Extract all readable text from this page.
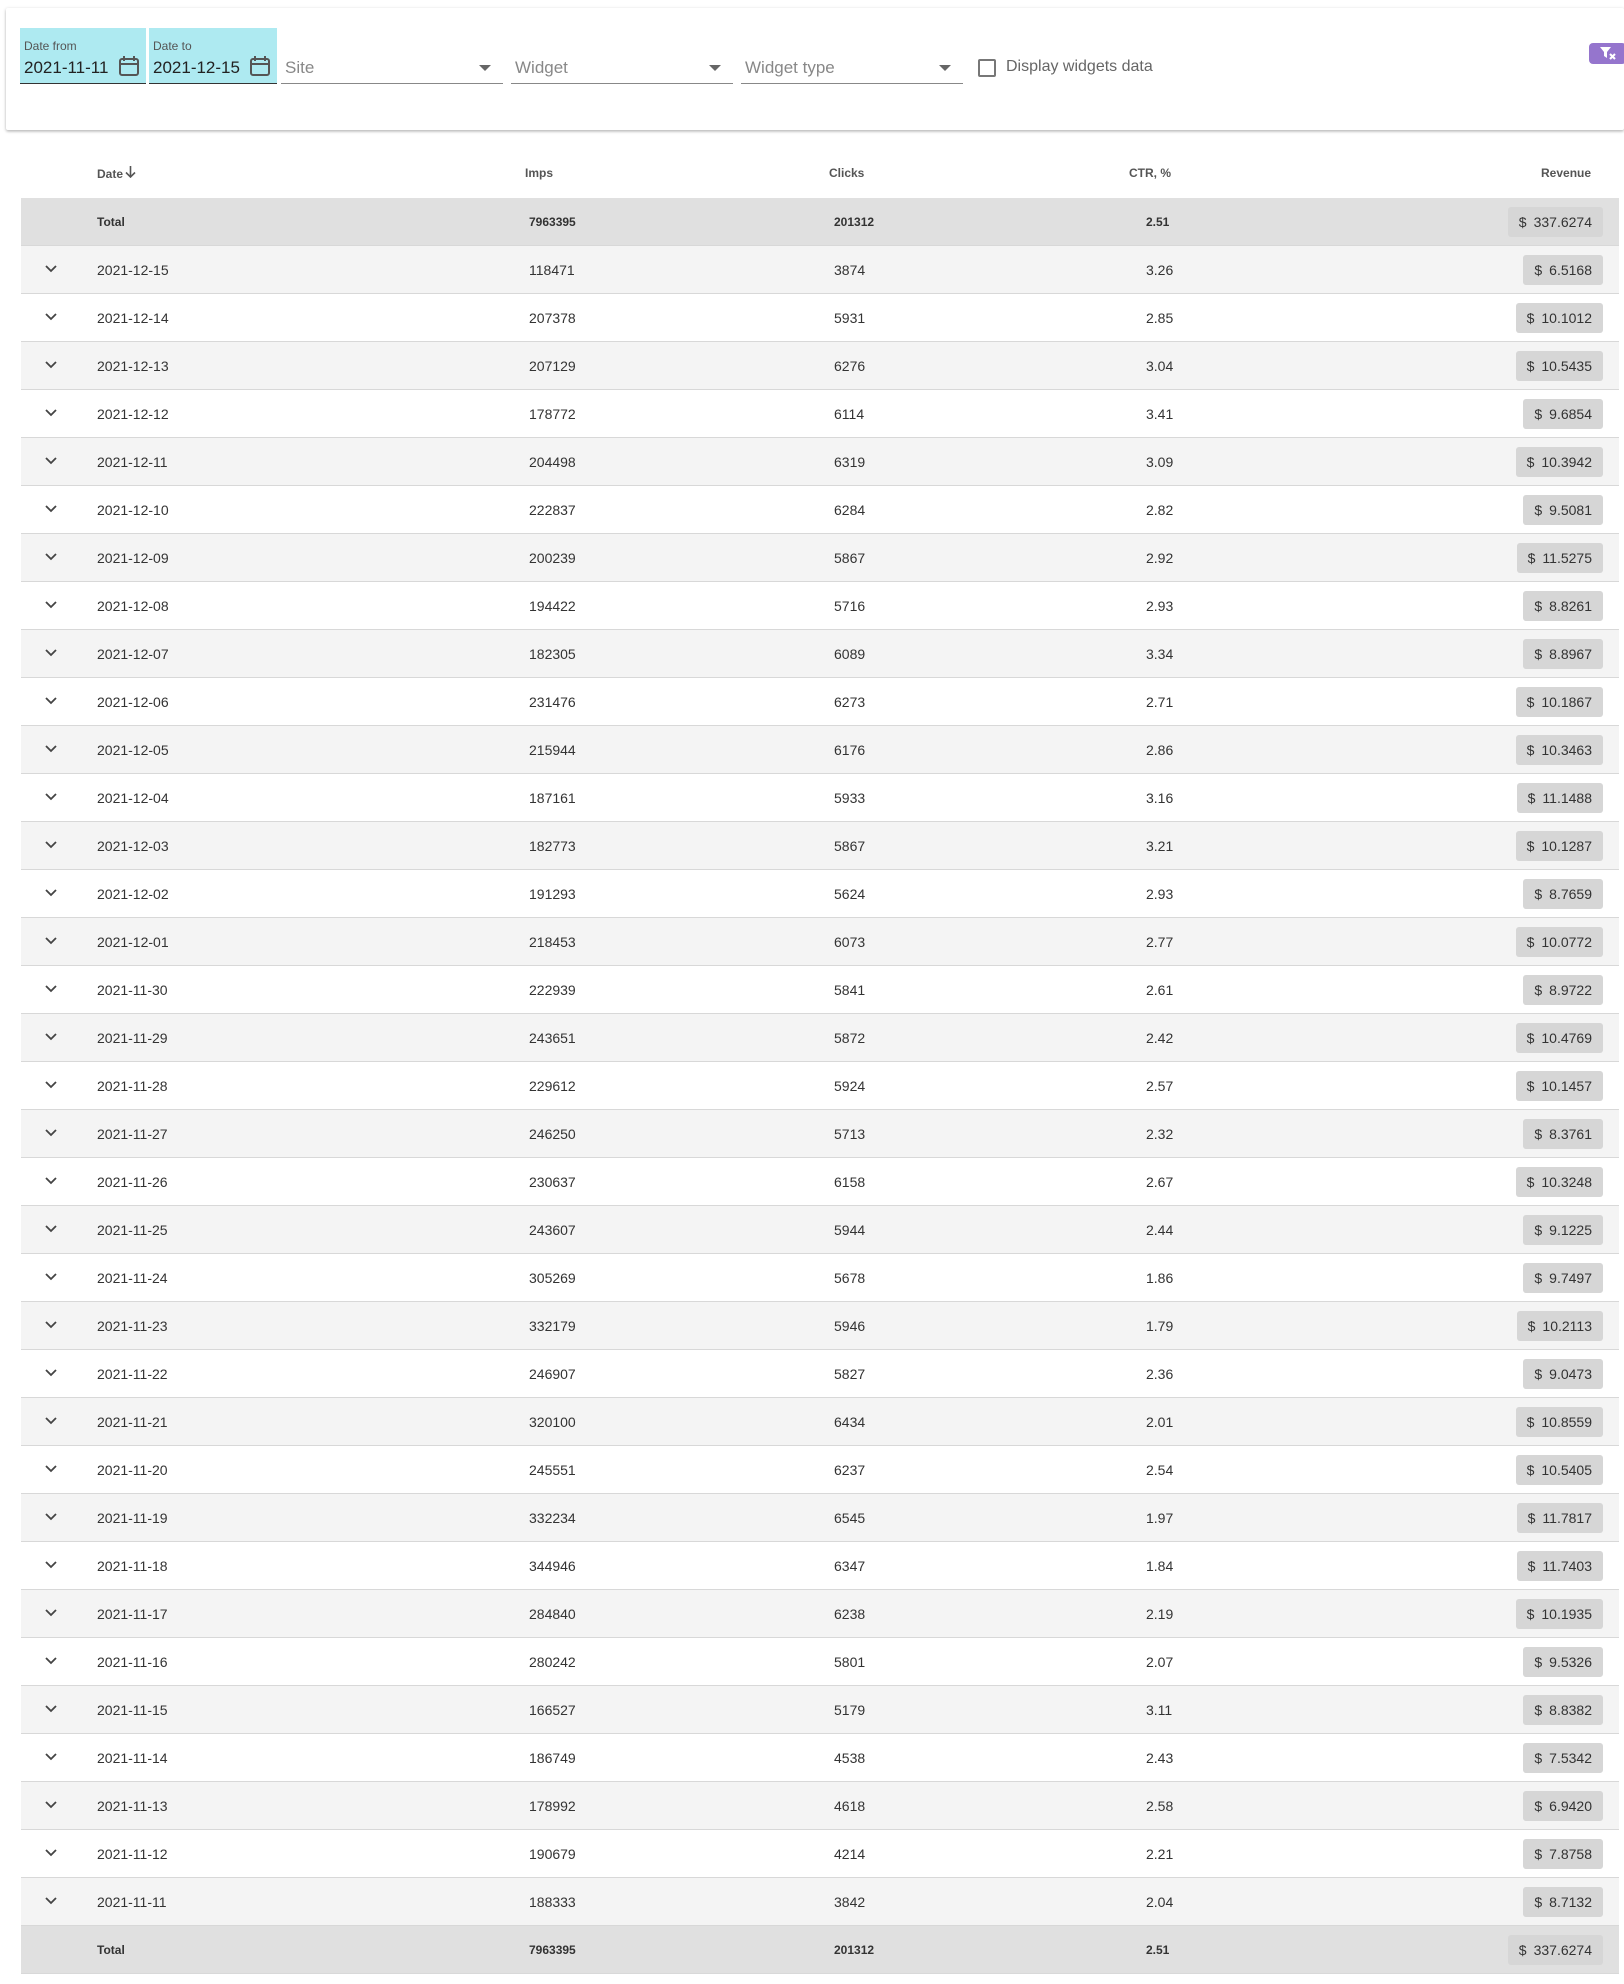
Date from
2021-11-11
Date to
2021-12-15	Site	Widget	Widget type	Display widgets data
Date	Imps	Clicks	CTR, %	Revenue
Total	7963395	201312	2.51	$ 337.6274
2021-12-15	118471	3874	3.26	$ 6.5168
2021-12-14	207378	5931	2.85	$ 10.1012
2021-12-13	207129	6276	3.04	$ 10.5435
2021-12-12	178772	6114	3.41	$ 9.6854
2021-12-11	204498	6319	3.09	$ 10.3942
2021-12-10	222837	6284	2.82	$ 9.5081
2021-12-09	200239	5867	2.92	$ 11.5275
2021-12-08	194422	5716	2.93	$ 8.8261
2021-12-07	182305	6089	3.34	$ 8.8967
2021-12-06	231476	6273	2.71	$ 10.1867
2021-12-05	215944	6176	2.86	$ 10.3463
2021-12-04	187161	5933	3.16	$ 11.1488
2021-12-03	182773	5867	3.21	$ 10.1287
2021-12-02	191293	5624	2.93	$ 8.7659
2021-12-01	218453	6073	2.77	$ 10.0772
2021-11-30	222939	5841	2.61	$ 8.9722
2021-11-29	243651	5872	2.42	$ 10.4769
2021-11-28	229612	5924	2.57	$ 10.1457
2021-11-27	246250	5713	2.32	$ 8.3761
2021-11-26	230637	6158	2.67	$ 10.3248
2021-11-25	243607	5944	2.44	$ 9.1225
2021-11-24	305269	5678	1.86	$ 9.7497
2021-11-23	332179	5946	1.79	$ 10.2113
2021-11-22	246907	5827	2.36	$ 9.0473
2021-11-21	320100	6434	2.01	$ 10.8559
2021-11-20	245551	6237	2.54	$ 10.5405
2021-11-19	332234	6545	1.97	$ 11.7817
2021-11-18	344946	6347	1.84	$ 11.7403
2021-11-17	284840	6238	2.19	$ 10.1935
2021-11-16	280242	5801	2.07	$ 9.5326
2021-11-15	166527	5179	3.11	$ 8.8382
2021-11-14	186749	4538	2.43	$ 7.5342
2021-11-13	178992	4618	2.58	$ 6.9420
2021-11-12	190679	4214	2.21	$ 7.8758
2021-11-11	188333	3842	2.04	$ 8.7132
Total	7963395	201312	2.51	$ 337.6274
